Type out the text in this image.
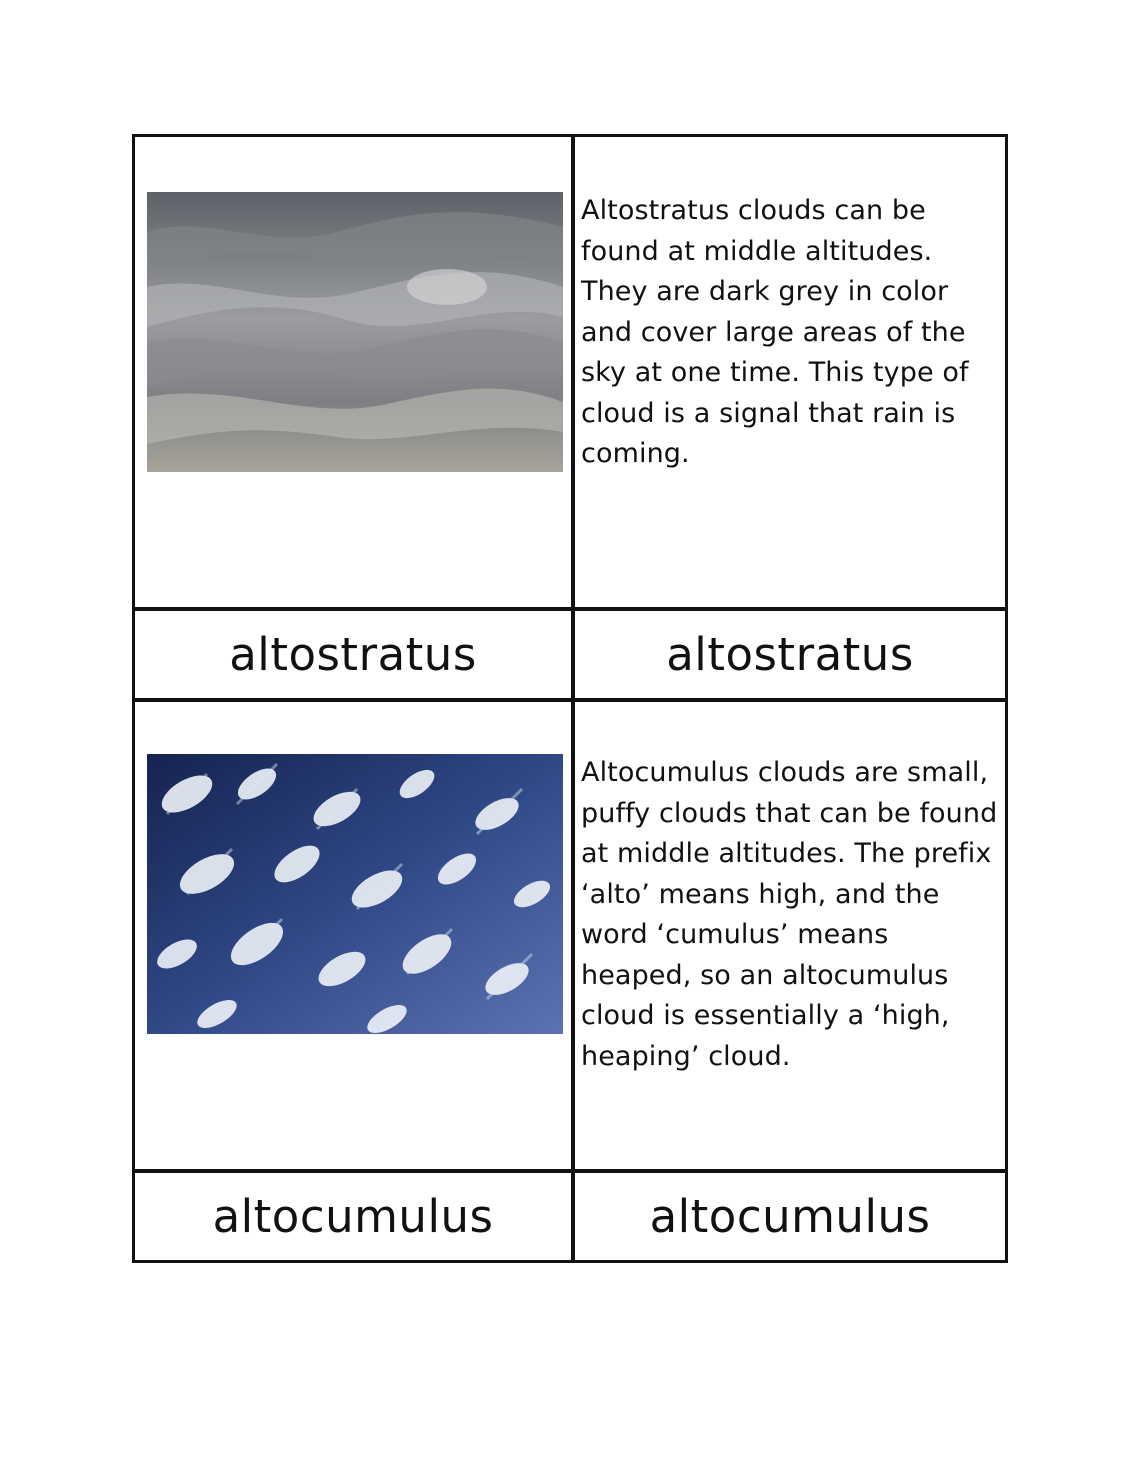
Altostratus clouds can be found at middle altitudes. They are dark grey in color and cover large areas of the sky at one time. This type of cloud is a signal that rain is coming.
altostratus	altostratus
Altocumulus clouds are small, puffy clouds that can be found at middle altitudes. The prefix ‘alto’ means high, and the word ‘cumulus’ means heaped, so an altocumulus cloud is essentially a ‘high, heaping’ cloud.
altocumulus	altocumulus
